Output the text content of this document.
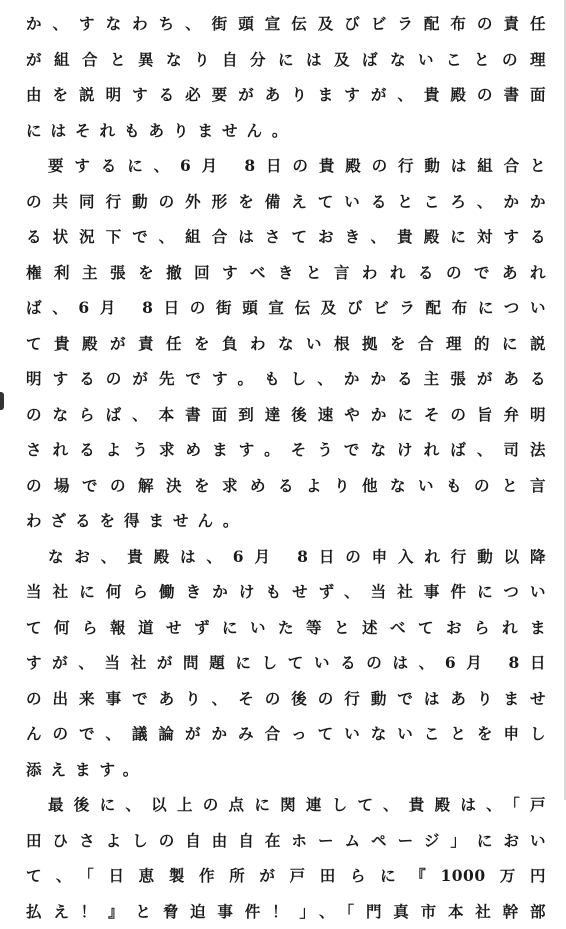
か、すなわち、街頭宣伝及びビラ配布の責任
が組合と異なり自分には及ばないことの理
由を説明する必要がありますが、貴殿の書面
にはそれもありません。
要するに、6月 8日の貴殿の行動は組合と
の共同行動の外形を備えているところ、かか
る状況下で、組合はさておき、貴殿に対する
権利主張を撤回すべきと言われるのであれ
ば、6月 8日の街頭宣伝及びビラ配布につい
て貴殿が責任を負わない根拠を合理的に説
明するのが先です。もし、かかる主張がある
のならば、本書面到達後速やかにその旨弁明
されるよう求めます。そうでなければ、司法
の場での解決を求めるより他ないものと言
わざるを得ません。
なお、貴殿は、6月 8日の申入れ行動以降
当社に何ら働きかけもせず、当社事件につい
て何ら報道せずにいた等と述べておられま
すが、当社が問題にしているのは、6月 8日
の出来事であり、その後の行動ではありませ
んので、議論がかみ合っていないことを申し
添えます。
最後に、以上の点に関連して、貴殿は、「戸
田ひさよしの自由自在ホームページ」におい
て、「日恵製作所が戸田らに『1000万円
払え！』と脅迫事件！」、「門真市本社幹部
